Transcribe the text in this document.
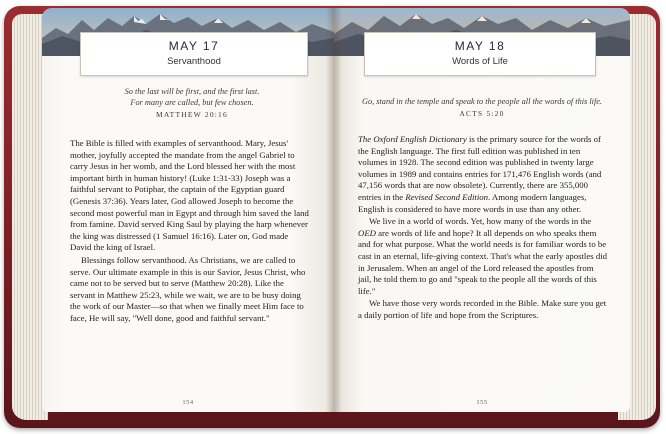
MAY 17
Servanthood
So the last will be first, and the first last.
For many are called, but few chosen.
MATTHEW 20:16

The Bible is filled with examples of servanthood. Mary, Jesus' mother, joyfully accepted the mandate from the angel Gabriel to carry Jesus in her womb, and the Lord blessed her with the most important birth in human history! (Luke 1:31-33) Joseph was a faithful servant to Potiphar, the captain of the Egyptian guard (Genesis 37:36). Years later, God allowed Joseph to become the second most powerful man in Egypt and through him saved the land from famine. David served King Saul by playing the harp whenever the king was distressed (1 Samuel 16:16). Later on, God made David the king of Israel.

Blessings follow servanthood. As Christians, we are called to serve. Our ultimate example in this is our Savior, Jesus Christ, who came not to be served but to serve (Matthew 20:28). Like the servant in Matthew 25:23, while we wait, we are to be busy doing the work of our Master—so that when we finally meet Him face to face, He will say, "Well done, good and faithful servant."

154
MAY 18
Words of Life
Go, stand in the temple and speak to the people all the words of this life.
ACTS 5:20

The Oxford English Dictionary is the primary source for the words of the English language. The first full edition was published in ten volumes in 1928. The second edition was published in twenty large volumes in 1989 and contains entries for 171,476 English words (and 47,156 words that are now obsolete). Currently, there are 355,000 entries in the Revised Second Edition. Among modern languages, English is considered to have more words in use than any other.

We live in a world of words. Yet, how many of the words in the OED are words of life and hope? It all depends on who speaks them and for what purpose. What the world needs is for familiar words to be cast in an eternal, life-giving context. That's what the early apostles did in Jerusalem. When an angel of the Lord released the apostles from jail, he told them to go and "speak to the people all the words of this life."

We have those very words recorded in the Bible. Make sure you get a daily portion of life and hope from the Scriptures.

155
